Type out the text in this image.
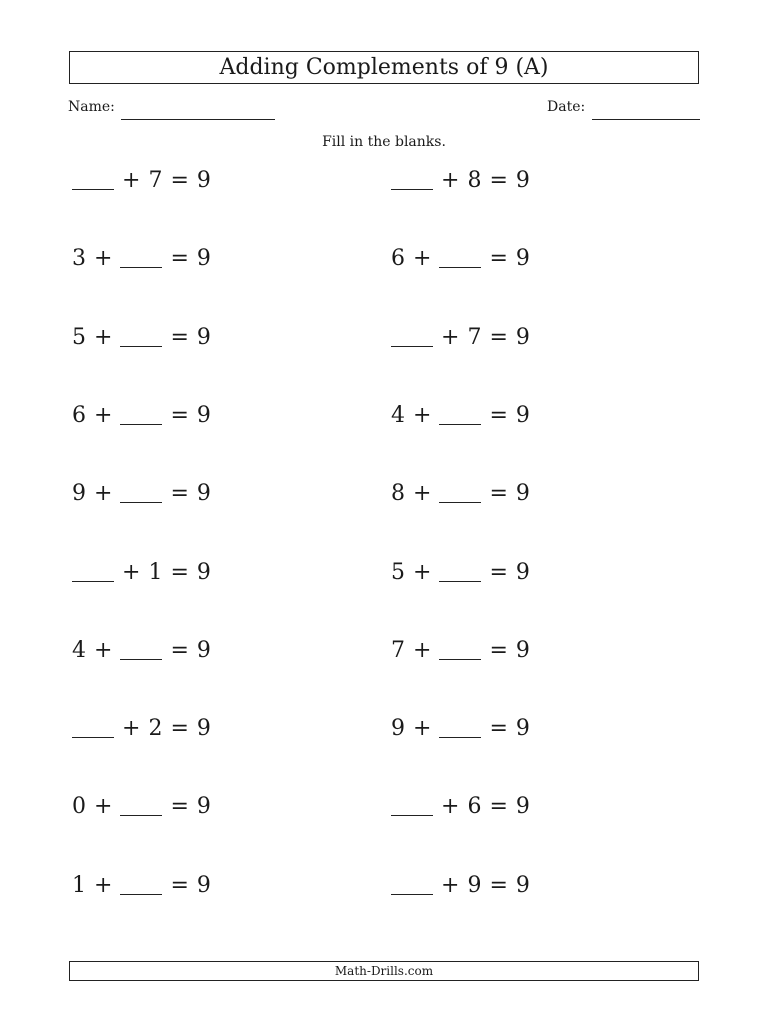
Adding Complements of 9 (A)
Name:	Date:
Fill in the blanks.
+ 7 = 9
3 +	= 9
5 +	= 9
6 +	= 9
9 +	= 9
+ 1 = 9
4 +	= 9
+ 2 = 9
0 +	= 9
1 +	= 9
+ 8 = 9
6 +	= 9
+ 7 = 9
4 +	= 9
8 +	= 9
5 +	= 9
7 +	= 9
9 +	= 9
+ 6 = 9
+ 9 = 9
Math-Drills.com
